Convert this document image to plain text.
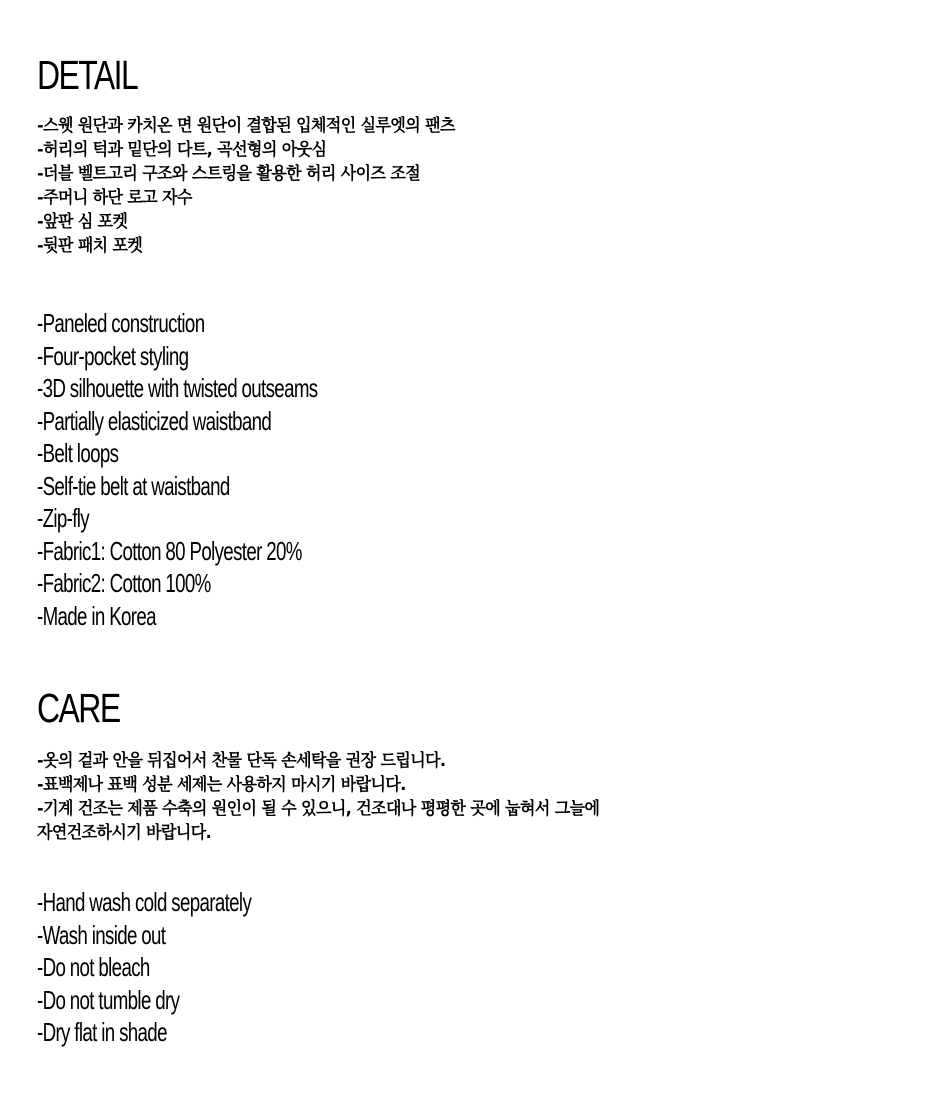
DETAIL
-스웻 원단과 카치온 면 원단이 결합된 입체적인 실루엣의 팬츠
-허리의 턱과 밑단의 다트, 곡선형의 아웃심
-더블 벨트고리 구조와 스트링을 활용한 허리 사이즈 조절
-주머니 하단 로고 자수
-앞판 심 포켓
-뒷판 패치 포켓
-Paneled construction
-Four-pocket styling
-3D silhouette with twisted outseams
-Partially elasticized waistband
-Belt loops
-Self-tie belt at waistband
-Zip-fly
-Fabric1: Cotton 80 Polyester 20%
-Fabric2: Cotton 100%
-Made in Korea
CARE
-옷의 겉과 안을 뒤집어서 찬물 단독 손세탁을 권장 드립니다.
-표백제나 표백 성분 세제는 사용하지 마시기 바랍니다.
-기계 건조는 제품 수축의 원인이 될 수 있으니, 건조대나 평평한 곳에 눕혀서 그늘에
자연건조하시기 바랍니다.
-Hand wash cold separately
-Wash inside out
-Do not bleach
-Do not tumble dry
-Dry flat in shade
